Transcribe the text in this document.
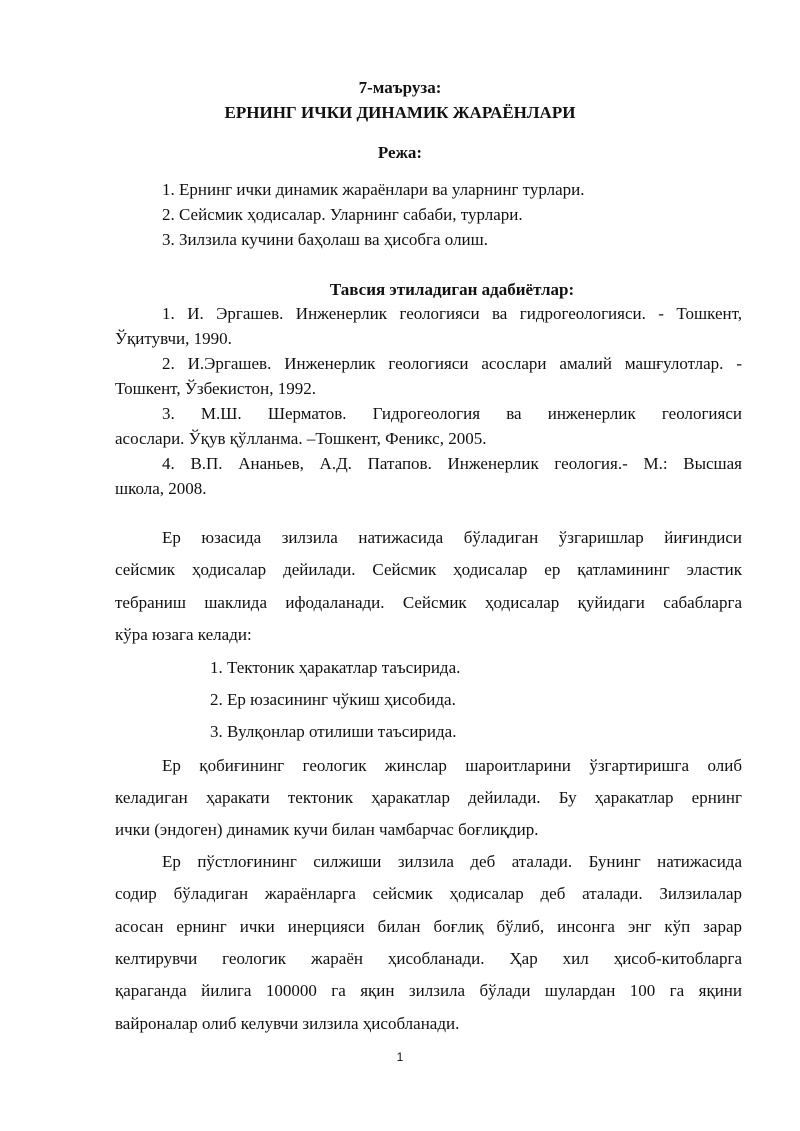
7-маъруза:

ЕРНИНГ ИЧКИ ДИНАМИК ЖАРАЁНЛАРИ

Режа:

1. Ернинг ички динамик жараёнлари ва уларнинг турлари.

2. Сейсмик ҳодисалар. Уларнинг сабаби, турлари.

3. Зилзила кучини баҳолаш ва ҳисобга олиш.

Тавсия этиладиган адабиётлар:

1. И. Эргашев. Инженерлик геологияси ва гидрогеологияси. - Тошкент,

Ўқитувчи, 1990.

2. И.Эргашев. Инженерлик геологияси асослари амалий машғулотлар. -

Тошкент, Ўзбекистон, 1992.

3. М.Ш. Шерматов. Гидрогеология ва инженерлик геологияси

асослари. Ўқув қўлланма. –Тошкент, Феникс, 2005.

4. В.П. Ананьев, А.Д. Патапов. Инженерлик геология.- М.: Высшая

школа, 2008.

Ер юзасида зилзила натижасида бўладиган ўзгаришлар йиғиндиси

сейсмик ҳодисалар дейилади. Сейсмик ҳодисалар ер қатламининг эластик

тебраниш шаклида ифодаланади. Сейсмик ҳодисалар қуйидаги сабабларга

кўра юзага келади:

1. Тектоник ҳаракатлар таъсирида.

2. Ер юзасининг чўкиш ҳисобида.

3. Вулқонлар отилиши таъсирида.

Ер қобиғининг геологик жинслар шароитларини ўзгартиришга олиб

келадиган ҳаракати тектоник ҳаракатлар дейилади. Бу ҳаракатлар ернинг

ички (эндоген) динамик кучи билан чамбарчас боғлиқдир.

Ер пўстлоғининг силжиши зилзила деб аталади. Бунинг натижасида

содир бўладиган жараёнларга сейсмик ҳодисалар деб аталади. Зилзилалар

асосан ернинг ички инерцияси билан боғлиқ бўлиб, инсонга энг кўп зарар

келтирувчи геологик жараён ҳисобланади. Ҳар хил ҳисоб-китобларга

қараганда йилига 100000 га яқин зилзила бўлади шулардан 100 га яқини

вайроналар олиб келувчи зилзила ҳисобланади.

1
